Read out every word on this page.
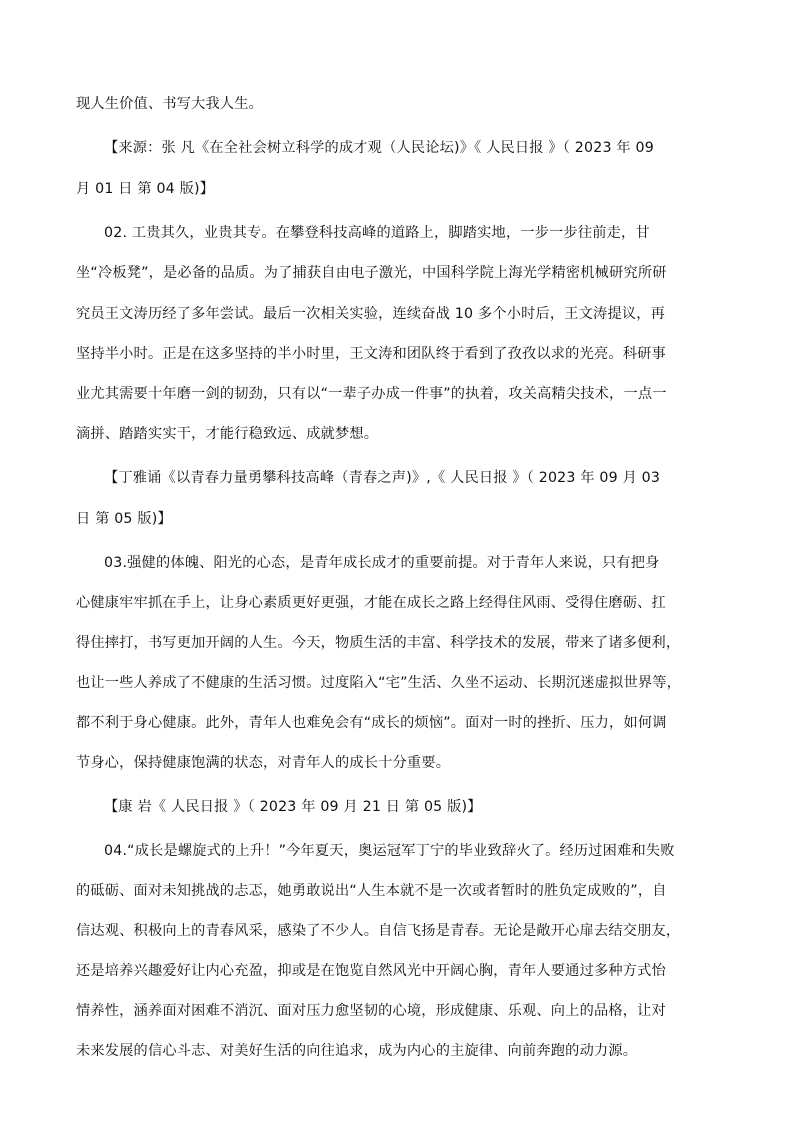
现人生价值、书写大我人生。

【来源：张 凡《在全社会树立科学的成才观（人民论坛)》《 人民日报 》（ 2023 年 09

月 01 日 第 04 版)】

02. 工贵其久，业贵其专。在攀登科技高峰的道路上，脚踏实地，一步一步往前走，甘

坐“冷板凳”，是必备的品质。为了捕获自由电子激光，中国科学院上海光学精密机械研究所研

究员王文涛历经了多年尝试。最后一次相关实验，连续奋战 10 多个小时后，王文涛提议，再

坚持半小时。正是在这多坚持的半小时里，王文涛和团队终于看到了孜孜以求的光亮。科研事

业尤其需要十年磨一剑的韧劲，只有以“一辈子办成一件事”的执着，攻关高精尖技术，一点一

滴拼、踏踏实实干，才能行稳致远、成就梦想。

【丁雅诵《以青春力量勇攀科技高峰（青春之声)》,《 人民日报 》（ 2023 年 09 月 03

日 第 05 版)】

03.强健的体魄、阳光的心态，是青年成长成才的重要前提。对于青年人来说，只有把身

心健康牢牢抓在手上，让身心素质更好更强，才能在成长之路上经得住风雨、受得住磨砺、扛

得住摔打，书写更加开阔的人生。今天，物质生活的丰富、科学技术的发展，带来了诸多便利，

也让一些人养成了不健康的生活习惯。过度陷入“宅”生活、久坐不运动、长期沉迷虚拟世界等，

都不利于身心健康。此外，青年人也难免会有“成长的烦恼”。面对一时的挫折、压力，如何调

节身心，保持健康饱满的状态，对青年人的成长十分重要。

【康 岩《 人民日报 》（ 2023 年 09 月 21 日 第 05 版)】

04.“成长是螺旋式的上升！”今年夏天，奥运冠军丁宁的毕业致辞火了。经历过困难和失败

的砥砺、面对未知挑战的忐忑，她勇敢说出“人生本就不是一次或者暂时的胜负定成败的”，自

信达观、积极向上的青春风采，感染了不少人。自信飞扬是青春。无论是敞开心扉去结交朋友，

还是培养兴趣爱好让内心充盈，抑或是在饱览自然风光中开阔心胸，青年人要通过多种方式怡

情养性，涵养面对困难不消沉、面对压力愈坚韧的心境，形成健康、乐观、向上的品格，让对

未来发展的信心斗志、对美好生活的向往追求，成为内心的主旋律、向前奔跑的动力源。
